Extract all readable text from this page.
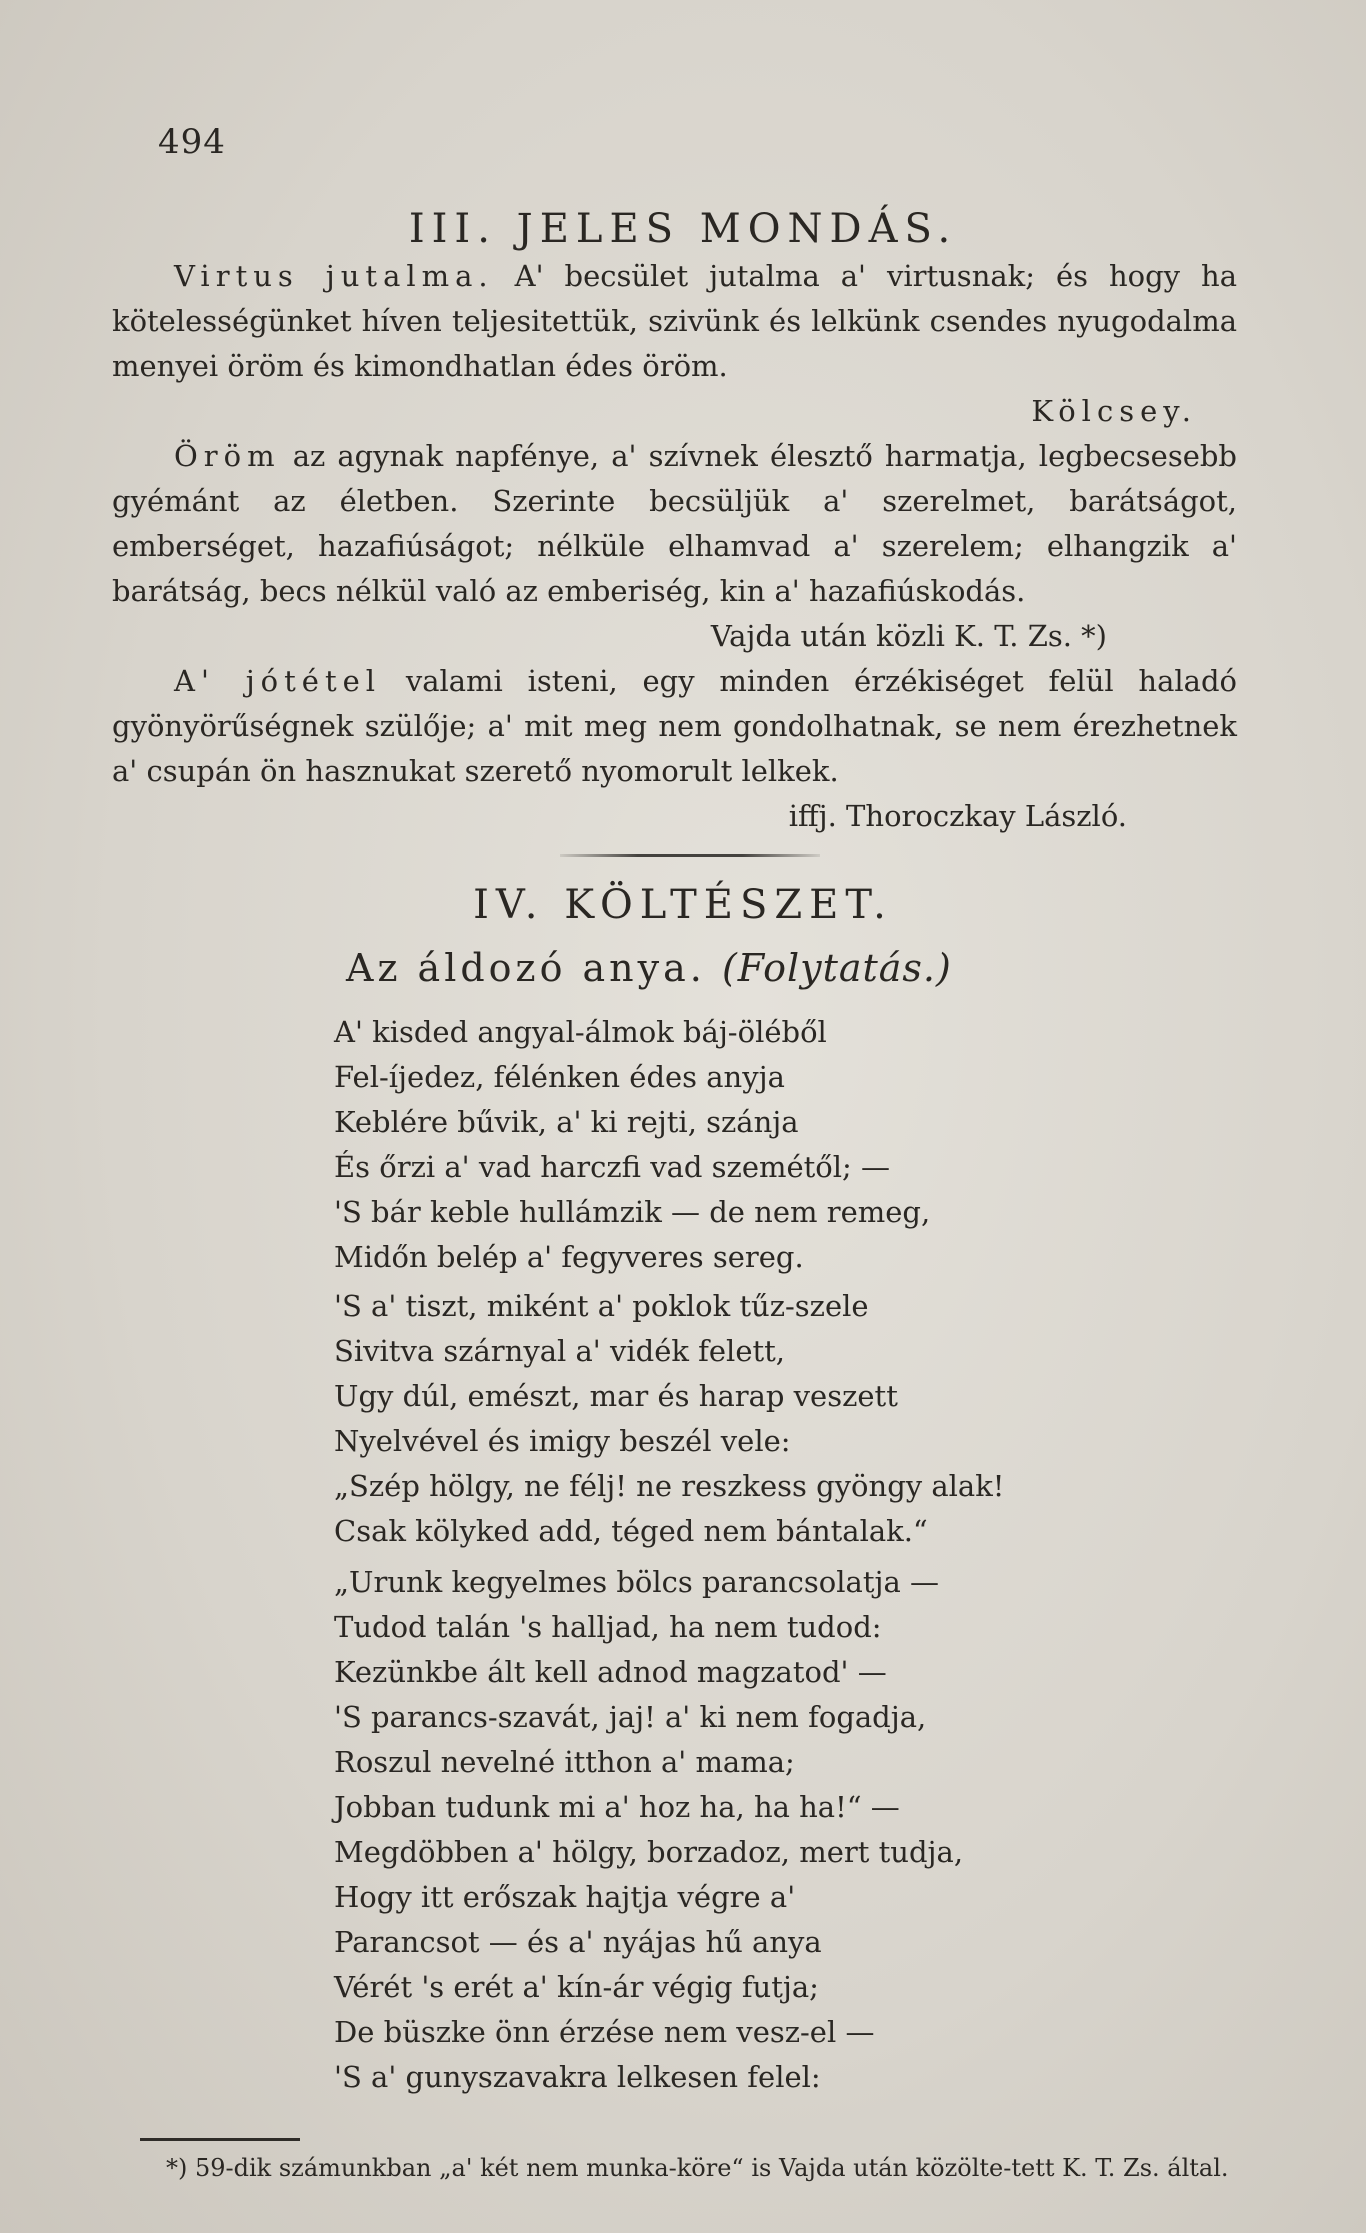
494
III. JELES MONDÁS.

Virtus jutalma. A' becsület jutalma a' virtusnak; és hogy ha kötelességünket híven teljesitettük, szivünk és lelkünk csendes nyugodalma menyei öröm és kimondhatlan édes öröm.

Kölcsey.

Öröm az agynak napfénye, a' szívnek élesztő harmatja, legbecsesebb gyémánt az életben. Szerinte becsüljük a' szerelmet, barátságot, emberséget, hazafiúságot; nélküle elhamvad a' szerelem; elhangzik a' barátság, becs nélkül való az emberiség, kin a' hazafiúskodás.

Vajda után közli K. T. Zs. *)

A' jótétel valami isteni, egy minden érzékiséget felül haladó gyönyörűségnek szülője; a' mit meg nem gondolhatnak, se nem érezhetnek a' csupán ön hasznukat szerető nyomorult lelkek.

iffj. Thoroczkay László.

IV. KÖLTÉSZET.
Az áldozó anya. (Folytatás.)
A' kisded angyal-álmok báj-öléből
Fel-íjedez, félénken édes anyja
Keblére bűvik, a' ki rejti, szánja
És őrzi a' vad harczfi vad szemétől; —
'S bár keble hullámzik — de nem remeg,
Midőn belép a' fegyveres sereg.
'S a' tiszt, miként a' poklok tűz-szele
Sivitva szárnyal a' vidék felett,
Ugy dúl, emészt, mar és harap veszett
Nyelvével és imigy beszél vele:
„Szép hölgy, ne félj! ne reszkess gyöngy alak!
Csak kölyked add, téged nem bántalak.“
„Urunk kegyelmes bölcs parancsolatja —
Tudod talán 's halljad, ha nem tudod:
Kezünkbe ált kell adnod magzatod' —
'S parancs-szavát, jaj! a' ki nem fogadja,
Roszul nevelné itthon a' mama;
Jobban tudunk mi a' hoz ha, ha ha!“ —
Megdöbben a' hölgy, borzadoz, mert tudja,
Hogy itt erőszak hajtja végre a'
Parancsot — és a' nyájas hű anya
Vérét 's erét a' kín-ár végig futja;
De büszke önn érzése nem vesz-el —
'S a' gunyszavakra lelkesen felel:
*) 59-dik számunkban „a' két nem munka-köre“ is Vajda után közölte-tett K. T. Zs. által.
